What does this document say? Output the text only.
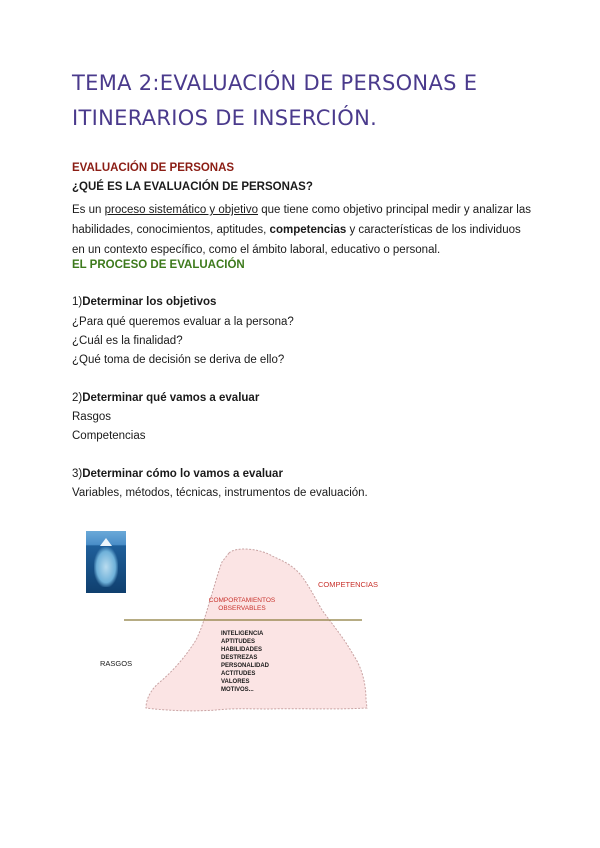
TEMA 2:EVALUACIÓN DE PERSONAS E ITINERARIOS DE INSERCIÓN.
EVALUACIÓN DE PERSONAS
¿QUÉ ES LA EVALUACIÓN DE PERSONAS?
Es un proceso sistemático y objetivo que tiene como objetivo principal medir y analizar las habilidades, conocimientos, aptitudes, competencias y características de los individuos en un contexto específico, como el ámbito laboral, educativo o personal.
EL PROCESO DE EVALUACIÓN
1)Determinar los objetivos
¿Para qué queremos evaluar a la persona?
¿Cuál es la finalidad?
¿Qué toma de decisión se deriva de ello?
2)Determinar qué vamos a evaluar
Rasgos
Competencias
3)Determinar cómo lo vamos a evaluar
Variables, métodos, técnicas, instrumentos de evaluación.
COMPETENCIAS
COMPORTAMIENTOS
OBSERVABLES
RASGOS
INTELIGENCIA
APTITUDES
HABILIDADES
DESTREZAS
PERSONALIDAD
ACTITUDES
VALORES
MOTIVOS...
